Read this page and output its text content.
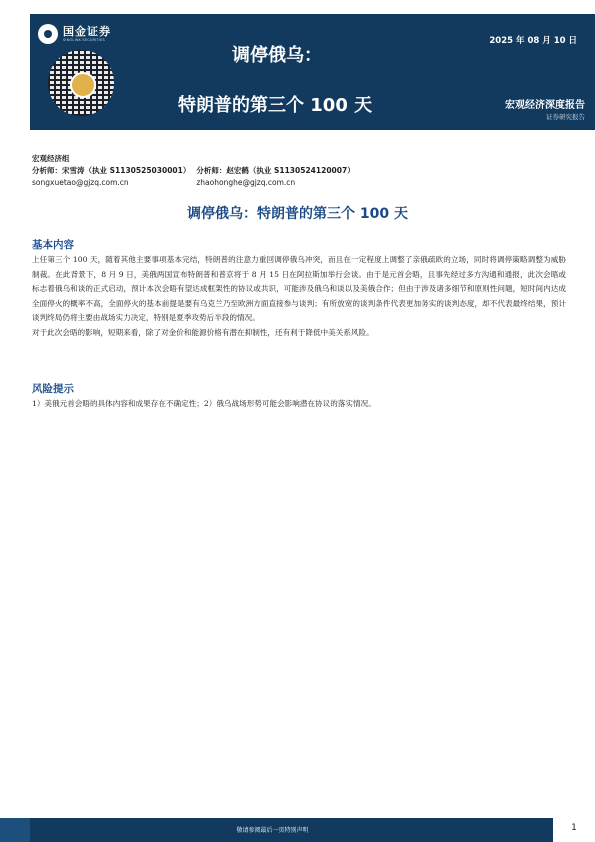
国金证券
SINOLINK SECURITIES	2025 年 08 月 10 日
调停俄乌：
特朗普的第三个 100 天	宏观经济深度报告
证券研究报告
宏观经济组
分析师：宋雪涛（执业 S1130525030001）
songxuetao@gjzq.com.cn
分析师：赵宏鹤（执业 S1130524120007）
zhaohonghe@gjzq.com.cn
调停俄乌：特朗普的第三个 100 天
基本内容
上任第三个 100 天，随着其他主要事项基本完结，特朗普的注意力重回调停俄乌冲突，而且在一定程度上调整了亲俄疏欧的立场，同时将调停策略调整为威胁制裁。在此背景下，8 月 9 日，美俄两国宣布特朗普和普京将于 8 月 15 日在阿拉斯加举行会谈。由于是元首会晤，且事先经过多方沟通和通报，此次会晤或标志着俄乌和谈的正式启动，预计本次会晤有望达成框架性的协议或共识，可能涉及俄乌和谈以及美俄合作；但由于涉及诸多细节和原则性问题，短时间内达成全面停火的概率不高，全面停火的基本前提是要有乌克兰乃至欧洲方面直接参与谈判；有所放宽的谈判条件代表更加务实的谈判态度，却不代表最终结果，预计谈判终局仍将主要由战场实力决定，特别是夏季攻势后半段的情况。
对于此次会晤的影响，短期来看，除了对金价和能源价格有潜在抑制性，还有利于降低中美关系风险。
风险提示
1）美俄元首会晤的具体内容和成果存在不确定性；2）俄乌战场形势可能会影响潜在协议的落实情况。
敬请参阅最后一页特别声明	1
